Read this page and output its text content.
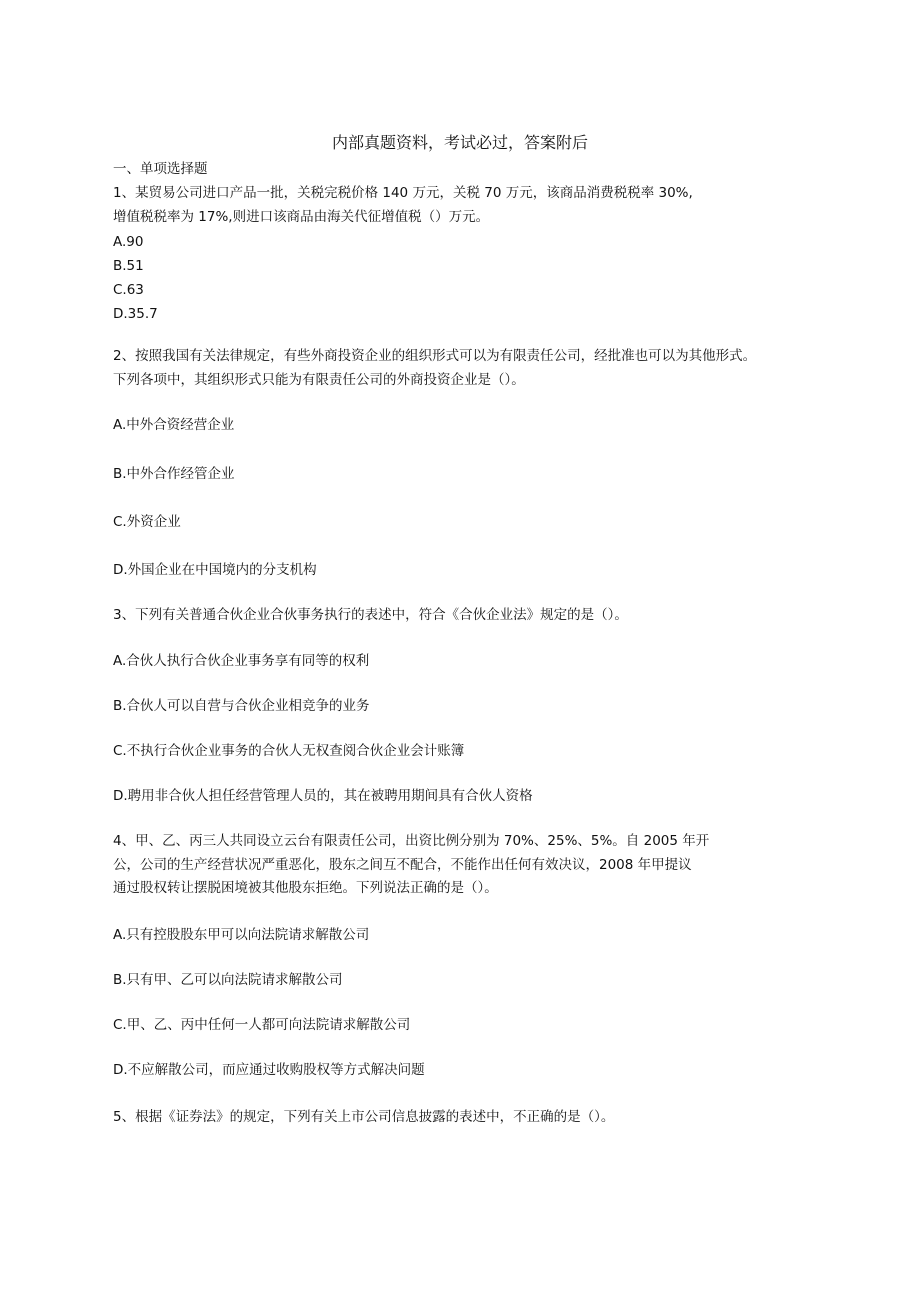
内部真题资料，考试必过，答案附后
一、单项选择题
1、某贸易公司进口产品一批，关税完税价格 140 万元，关税 70 万元，该商品消费税税率 30%,
增值税税率为 17%,则进口该商品由海关代征增值税（）万元。
A.90
B.51
C.63
D.35.7
2、按照我国有关法律规定，有些外商投资企业的组织形式可以为有限责任公司，经批准也可以为其他形式。
下列各项中，其组织形式只能为有限责任公司的外商投资企业是（）。
A.中外合资经营企业
B.中外合作经管企业
C.外资企业
D.外国企业在中国境内的分支机构
3、下列有关普通合伙企业合伙事务执行的表述中，符合《合伙企业法》规定的是（）。
A.合伙人执行合伙企业事务享有同等的权利
B.合伙人可以自营与合伙企业相竞争的业务
C.不执行合伙企业事务的合伙人无权查阅合伙企业会计账簿
D.聘用非合伙人担任经营管理人员的，其在被聘用期间具有合伙人资格
4、甲、乙、丙三人共同设立云台有限责任公司，出资比例分别为 70%、25%、5%。自 2005 年开
公，公司的生产经营状况严重恶化，股东之间互不配合，不能作出任何有效决议，2008 年甲提议
通过股权转让摆脱困境被其他股东拒绝。下列说法正确的是（）。
A.只有控股股东甲可以向法院请求解散公司
B.只有甲、乙可以向法院请求解散公司
C.甲、乙、丙中任何一人都可向法院请求解散公司
D.不应解散公司，而应通过收购股权等方式解决问题
5、根据《证券法》的规定，下列有关上市公司信息披露的表述中，不正确的是（）。
